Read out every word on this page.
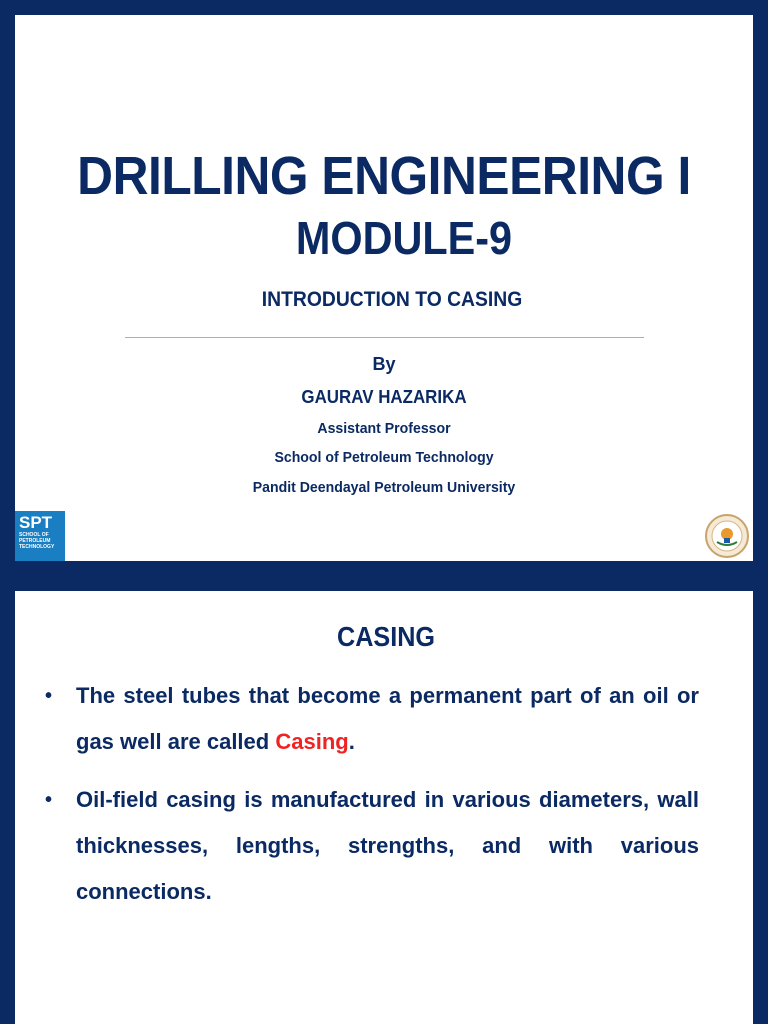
DRILLING ENGINEERING I
MODULE-9
INTRODUCTION TO CASING
By
GAURAV HAZARIKA
Assistant Professor
School of Petroleum Technology
Pandit Deendayal Petroleum University
SPT
SCHOOL OF
PETROLEUM
TECHNOLOGY
CASING
• The steel tubes that become a permanent part of an oil or gas well are called Casing.
• Oil-field casing is manufactured in various diameters, wall thicknesses, lengths, strengths, and with various connections.
